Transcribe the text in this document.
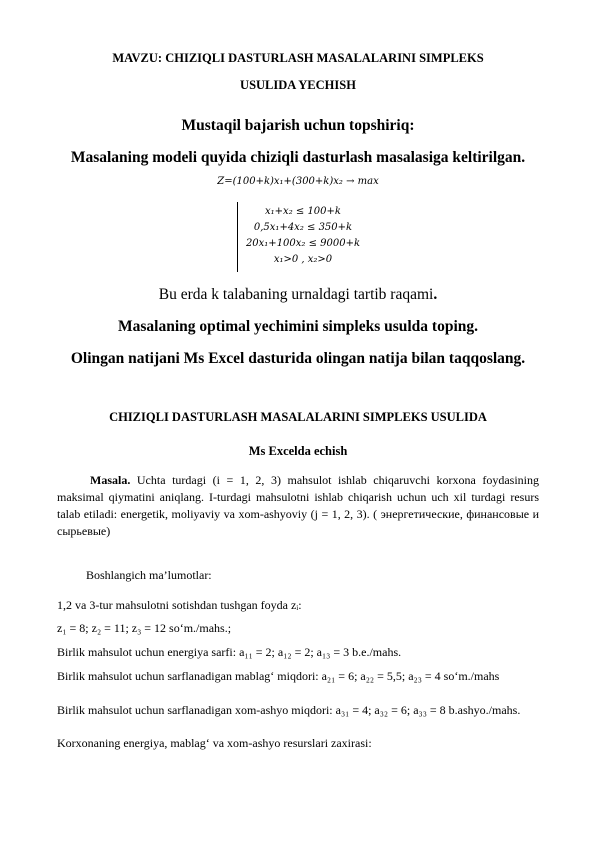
MAVZU: CHIZIQLI DASTURLASH MASALALARINI SIMPLEKS
USULIDA YECHISH
Mustaqil bajarish uchun topshiriq:
Masalaning modeli quyida chiziqli dasturlash masalasiga keltirilgan.
Z=(100+k)x₁+(300+k)x₂ → max
x₁+x₂ ≤ 100+k
0,5x₁+4x₂ ≤ 350+k
20x₁+100x₂ ≤ 9000+k
x₁>0 , x₂>0
Bu erda k talabaning urnaldagi tartib raqami.
Masalaning optimal yechimini simpleks usulda toping.
Olingan natijani Ms Excel dasturida olingan natija bilan taqqoslang.
CHIZIQLI DASTURLASH MASALALARINI SIMPLEKS USULIDA
Ms Excelda echish
Masala. Uchta turdagi (i = 1, 2, 3) mahsulot ishlab chiqaruvchi korxona foydasining maksimal qiymatini aniqlang. I-turdagi mahsulotni ishlab chiqarish uchun uch xil turdagi resurs talab etiladi: energetik, moliyaviy va xom-ashyoviy (j = 1, 2, 3). ( энергетические, финансовые и сырьевые)
Boshlangich ma’lumotlar:
1,2 va 3-tur mahsulotni sotishdan tushgan foyda zᵢ:
z₁ = 8; z₂ = 11; z₃ = 12 so‘m./mahs.;
Birlik mahsulot uchun energiya sarfi: a₁₁ = 2; a₁₂ = 2; a₁₃ = 3 b.e./mahs.
Birlik mahsulot uchun sarflanadigan mablag‘ miqdori: a₂₁ = 6; a₂₂ = 5,5; a₂₃ = 4 so‘m./mahs
Birlik mahsulot uchun sarflanadigan xom-ashyo miqdori: a₃₁ = 4; a₃₂ = 6; a₃₃ = 8 b.ashyo./mahs.
Korxonaning energiya, mablag‘ va xom-ashyo resurslari zaxirasi:
